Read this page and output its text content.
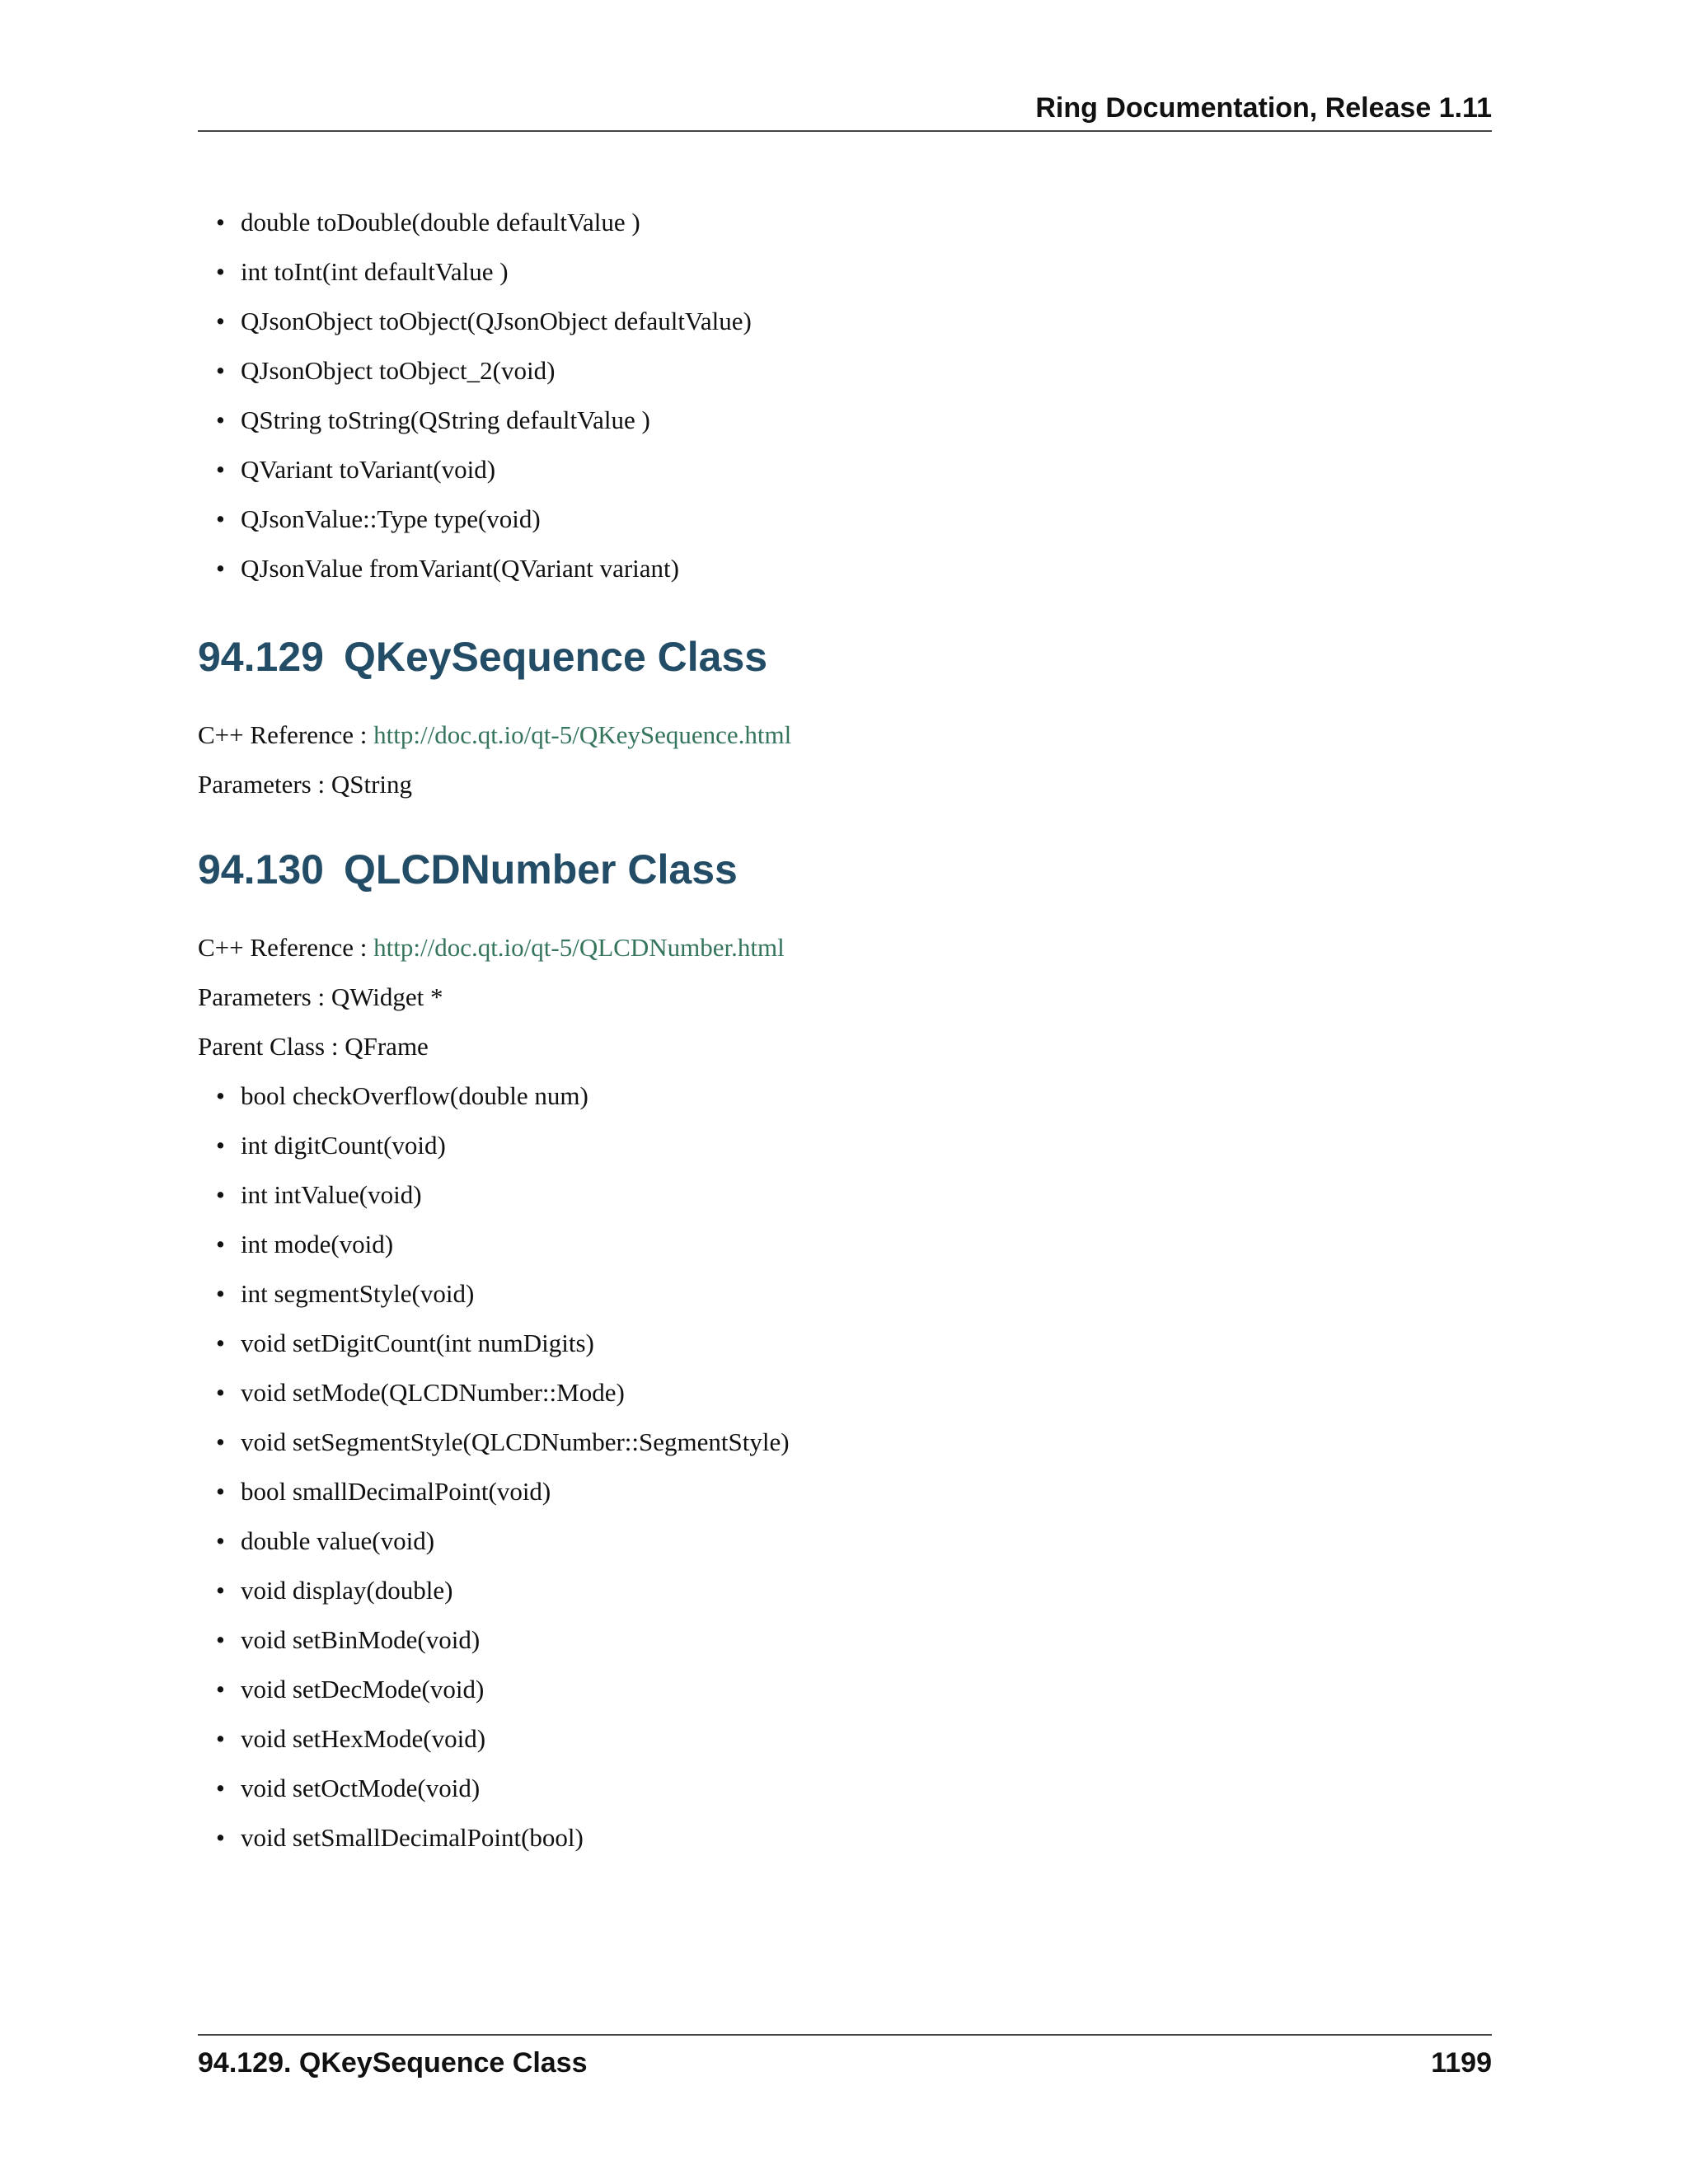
Ring Documentation, Release 1.11
• double toDouble(double defaultValue )
• int toInt(int defaultValue )
• QJsonObject toObject(QJsonObject defaultValue)
• QJsonObject toObject_2(void)
• QString toString(QString defaultValue )
• QVariant toVariant(void)
• QJsonValue::Type type(void)
• QJsonValue fromVariant(QVariant variant)
94.129 QKeySequence Class

C++ Reference : http://doc.qt.io/qt-5/QKeySequence.html

Parameters : QString

94.130 QLCDNumber Class

C++ Reference : http://doc.qt.io/qt-5/QLCDNumber.html

Parameters : QWidget *

Parent Class : QFrame

• bool checkOverflow(double num)
• int digitCount(void)
• int intValue(void)
• int mode(void)
• int segmentStyle(void)
• void setDigitCount(int numDigits)
• void setMode(QLCDNumber::Mode)
• void setSegmentStyle(QLCDNumber::SegmentStyle)
• bool smallDecimalPoint(void)
• double value(void)
• void display(double)
• void setBinMode(void)
• void setDecMode(void)
• void setHexMode(void)
• void setOctMode(void)
• void setSmallDecimalPoint(bool)
94.129. QKeySequence Class	1199
